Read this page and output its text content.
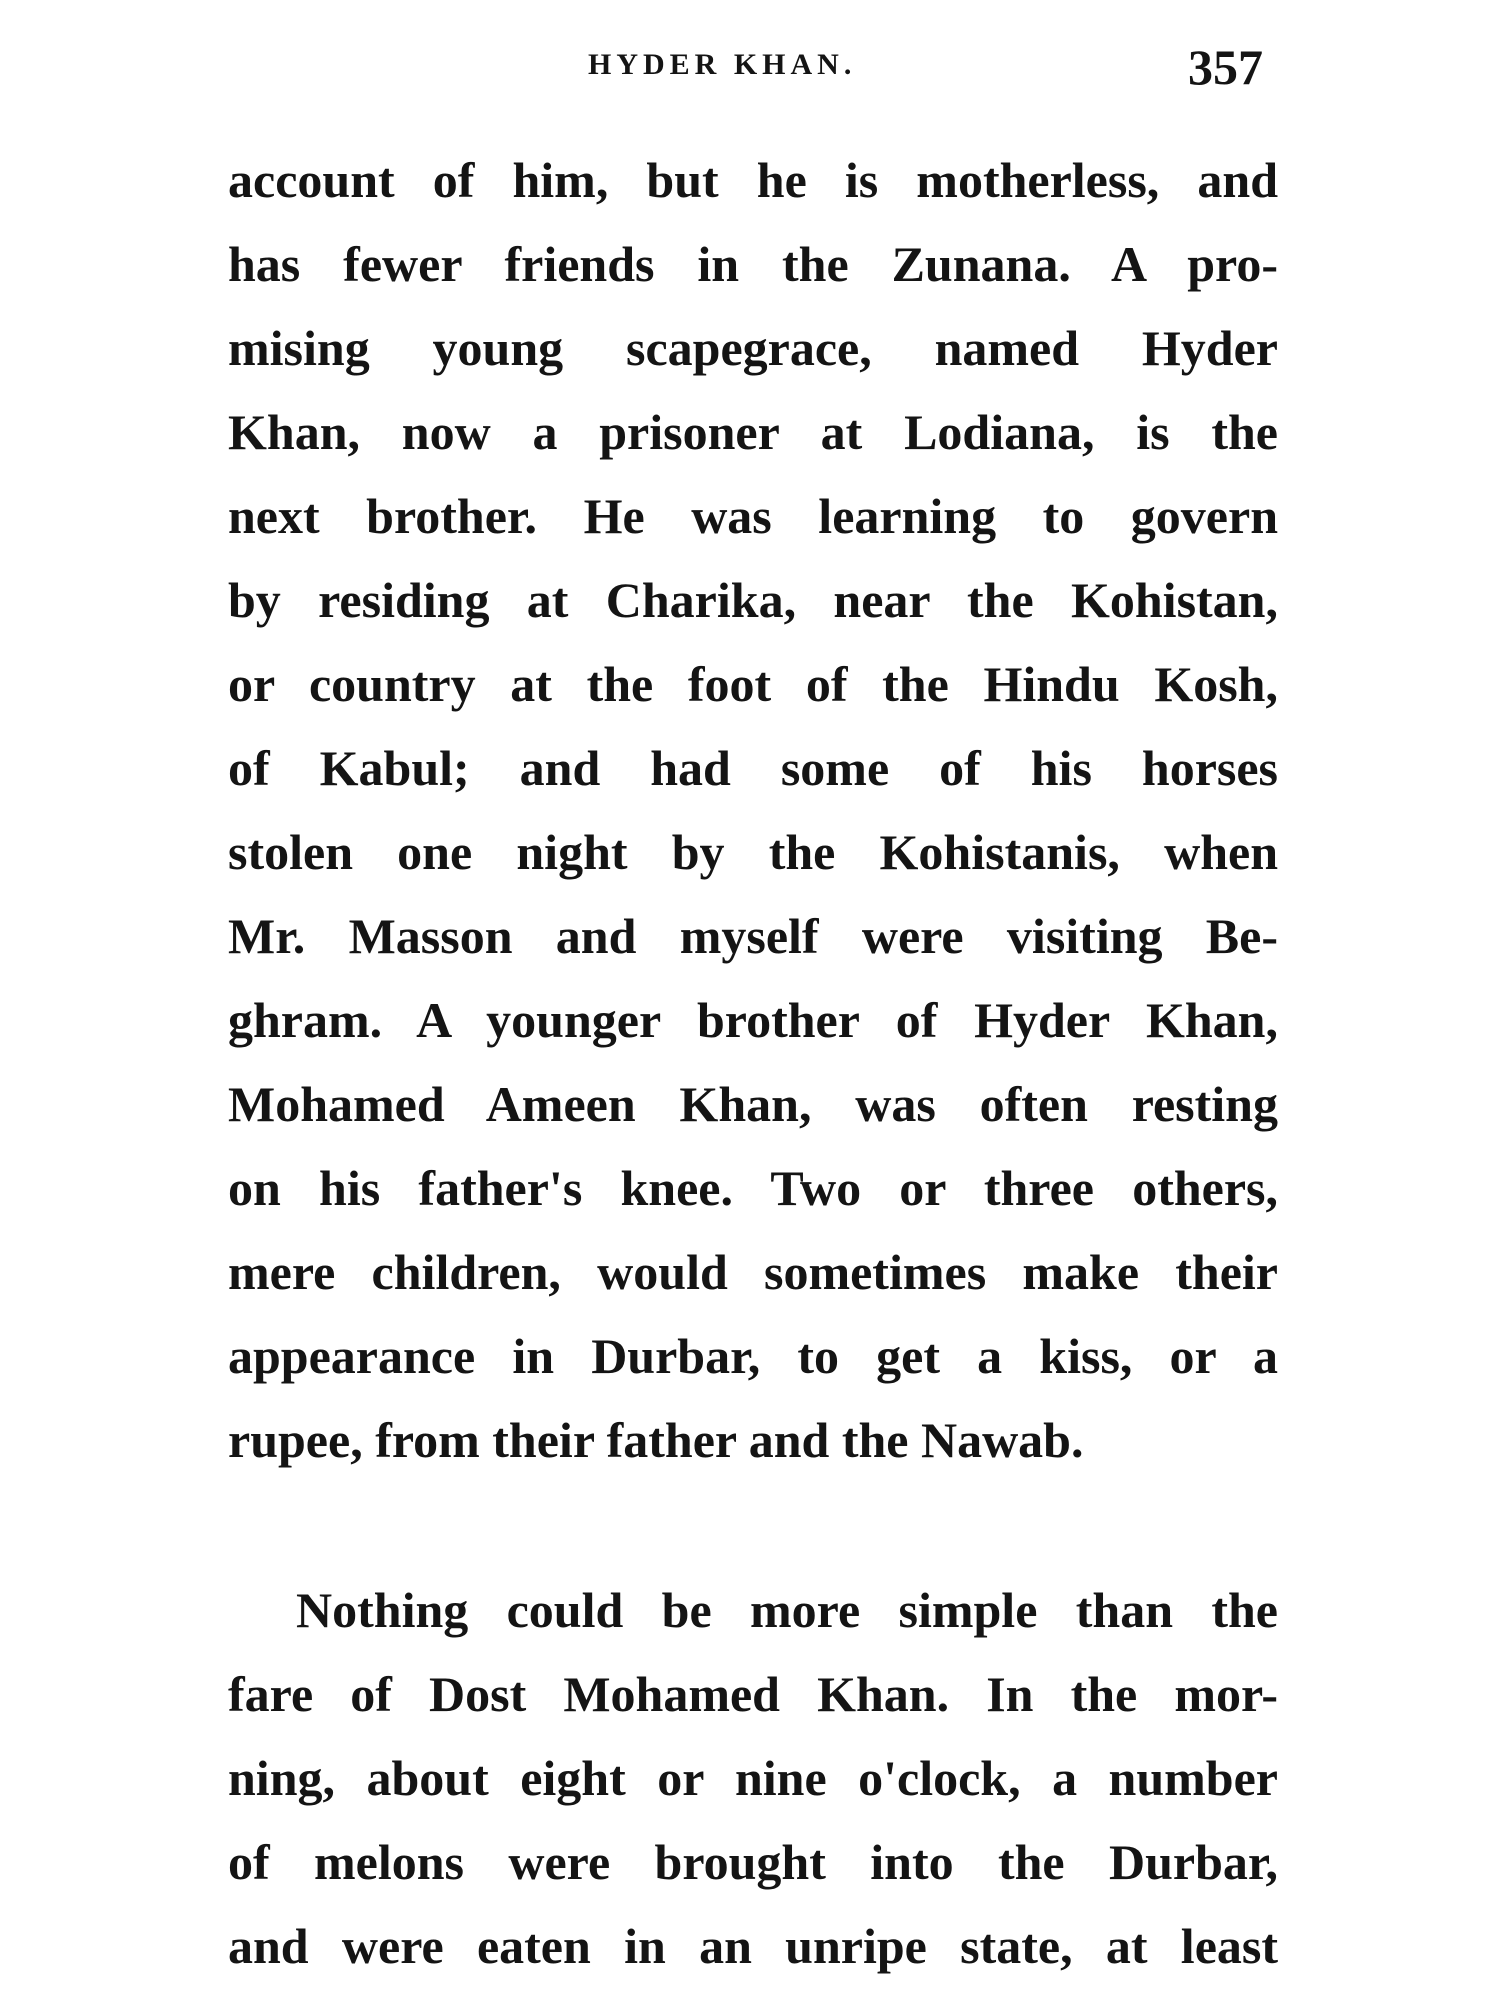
HYDER KHAN.	357
account of him, but he is motherless, and
has fewer friends in the Zunana. A pro-
mising young scapegrace, named Hyder
Khan, now a prisoner at Lodiana, is the
next brother. He was learning to govern
by residing at Charika, near the Kohistan,
or country at the foot of the Hindu Kosh,
of Kabul; and had some of his horses
stolen one night by the Kohistanis, when
Mr. Masson and myself were visiting Be-
ghram. A younger brother of Hyder Khan,
Mohamed Ameen Khan, was often resting
on his father's knee. Two or three others,
mere children, would sometimes make their
appearance in Durbar, to get a kiss, or a
rupee, from their father and the Nawab.
Nothing could be more simple than the
fare of Dost Mohamed Khan. In the mor-
ning, about eight or nine o'clock, a number
of melons were brought into the Durbar,
and were eaten in an unripe state, at least
